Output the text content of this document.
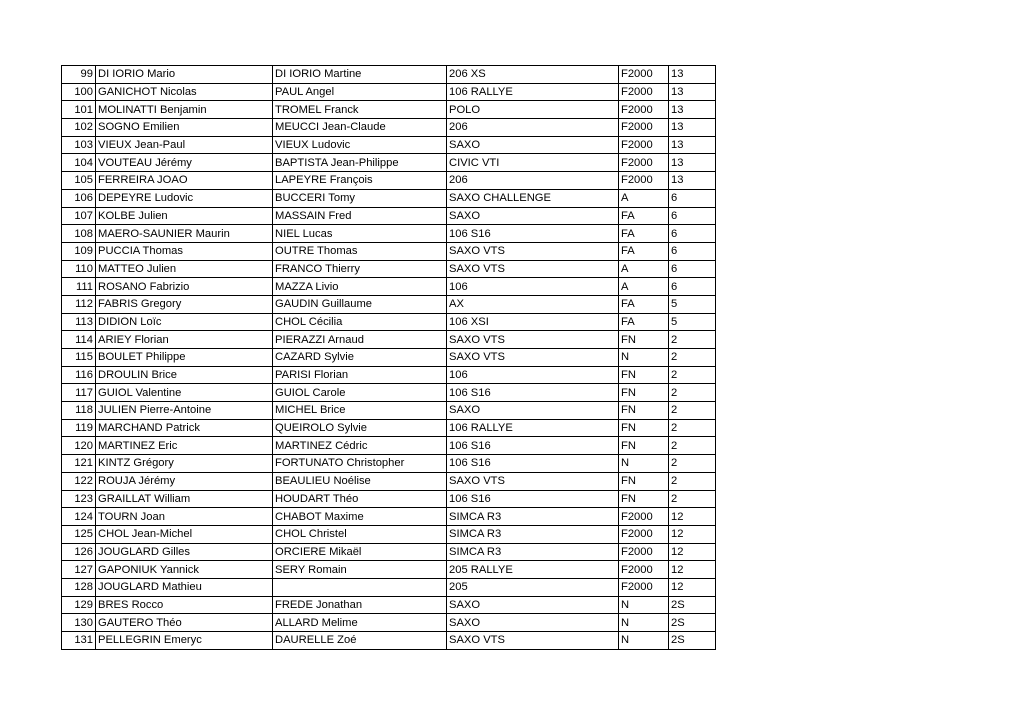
99	DI IORIO Mario	DI IORIO Martine	206 XS	F2000	13
100	GANICHOT Nicolas	PAUL Angel	106 RALLYE	F2000	13
101	MOLINATTI Benjamin	TROMEL Franck	POLO	F2000	13
102	SOGNO Emilien	MEUCCI Jean-Claude	206	F2000	13
103	VIEUX Jean-Paul	VIEUX Ludovic	SAXO	F2000	13
104	VOUTEAU Jérémy	BAPTISTA Jean-Philippe	CIVIC VTI	F2000	13
105	FERREIRA JOAO	LAPEYRE François	206	F2000	13
106	DEPEYRE Ludovic	BUCCERI Tomy	SAXO CHALLENGE	A	6
107	KOLBE Julien	MASSAIN Fred	SAXO	FA	6
108	MAERO-SAUNIER Maurin	NIEL Lucas	106 S16	FA	6
109	PUCCIA Thomas	OUTRE Thomas	SAXO VTS	FA	6
110	MATTEO Julien	FRANCO Thierry	SAXO VTS	A	6
111	ROSANO Fabrizio	MAZZA Livio	106	A	6
112	FABRIS Gregory	GAUDIN Guillaume	AX	FA	5
113	DIDION Loïc	CHOL Cécilia	106 XSI	FA	5
114	ARIEY Florian	PIERAZZI Arnaud	SAXO VTS	FN	2
115	BOULET Philippe	CAZARD Sylvie	SAXO VTS	N	2
116	DROULIN Brice	PARISI Florian	106	FN	2
117	GUIOL Valentine	GUIOL Carole	106 S16	FN	2
118	JULIEN Pierre-Antoine	MICHEL Brice	SAXO	FN	2
119	MARCHAND Patrick	QUEIROLO Sylvie	106 RALLYE	FN	2
120	MARTINEZ Eric	MARTINEZ Cédric	106 S16	FN	2
121	KINTZ Grégory	FORTUNATO Christopher	106 S16	N	2
122	ROUJA Jérémy	BEAULIEU Noélise	SAXO VTS	FN	2
123	GRAILLAT William	HOUDART Théo	106 S16	FN	2
124	TOURN Joan	CHABOT Maxime	SIMCA R3	F2000	12
125	CHOL Jean-Michel	CHOL Christel	SIMCA R3	F2000	12
126	JOUGLARD Gilles	ORCIERE Mikaël	SIMCA R3	F2000	12
127	GAPONIUK Yannick	SERY Romain	205 RALLYE	F2000	12
128	JOUGLARD Mathieu		205	F2000	12
129	BRES Rocco	FREDE Jonathan	SAXO	N	2S
130	GAUTERO Théo	ALLARD Melime	SAXO	N	2S
131	PELLEGRIN Emeryc	DAURELLE Zoé	SAXO VTS	N	2S
